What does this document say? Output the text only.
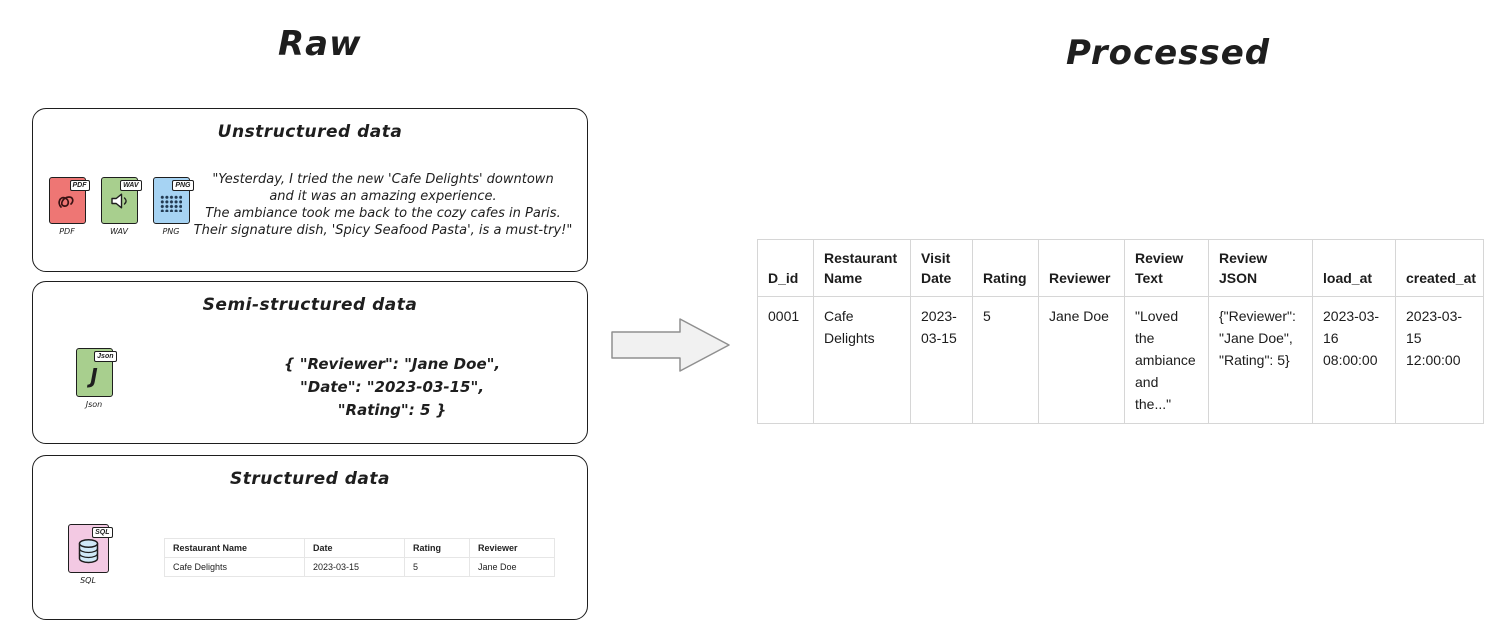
Raw	Processed
Unstructured data
PDF
PDF
WAV
WAV
PNG
PNG
"Yesterday, I tried the new 'Cafe Delights' downtown
and it was an amazing experience.
The ambiance took me back to the cozy cafes in Paris.
Their signature dish, 'Spicy Seafood Pasta', is a must-try!"
Semi-structured data
Json
J
Json
{ "Reviewer": "Jane Doe",
"Date": "2023-03-15",
"Rating": 5 }
Structured data
SQL
SQL
Restaurant Name	Date	Rating	Reviewer
Cafe Delights	2023-03-15	5	Jane Doe
D_id	Restaurant Name	Visit Date	Rating	Reviewer	Review Text	Review JSON	load_at	created_at
0001	Cafe Delights	2023-03-15	5	Jane Doe	"Loved the ambiance and the..."	{"Reviewer": "Jane Doe", "Rating": 5}	2023-03-16 08:00:00	2023-03-15 12:00:00
